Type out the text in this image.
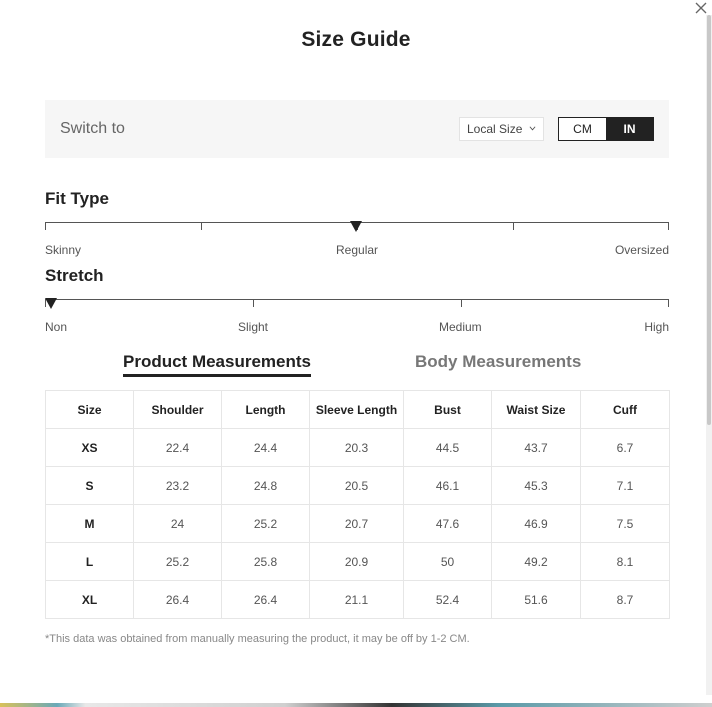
Size Guide
Switch to	Local Size	CM	IN
Fit Type
Skinny	Regular	Oversized
Stretch
Non	Slight	Medium	High
Product Measurements	Body Measurements
Size	Shoulder	Length	Sleeve Length	Bust	Waist Size	Cuff
XS	22.4	24.4	20.3	44.5	43.7	6.7
S	23.2	24.8	20.5	46.1	45.3	7.1
M	24	25.2	20.7	47.6	46.9	7.5
L	25.2	25.8	20.9	50	49.2	8.1
XL	26.4	26.4	21.1	52.4	51.6	8.7
*This data was obtained from manually measuring the product, it may be off by 1-2 CM.
